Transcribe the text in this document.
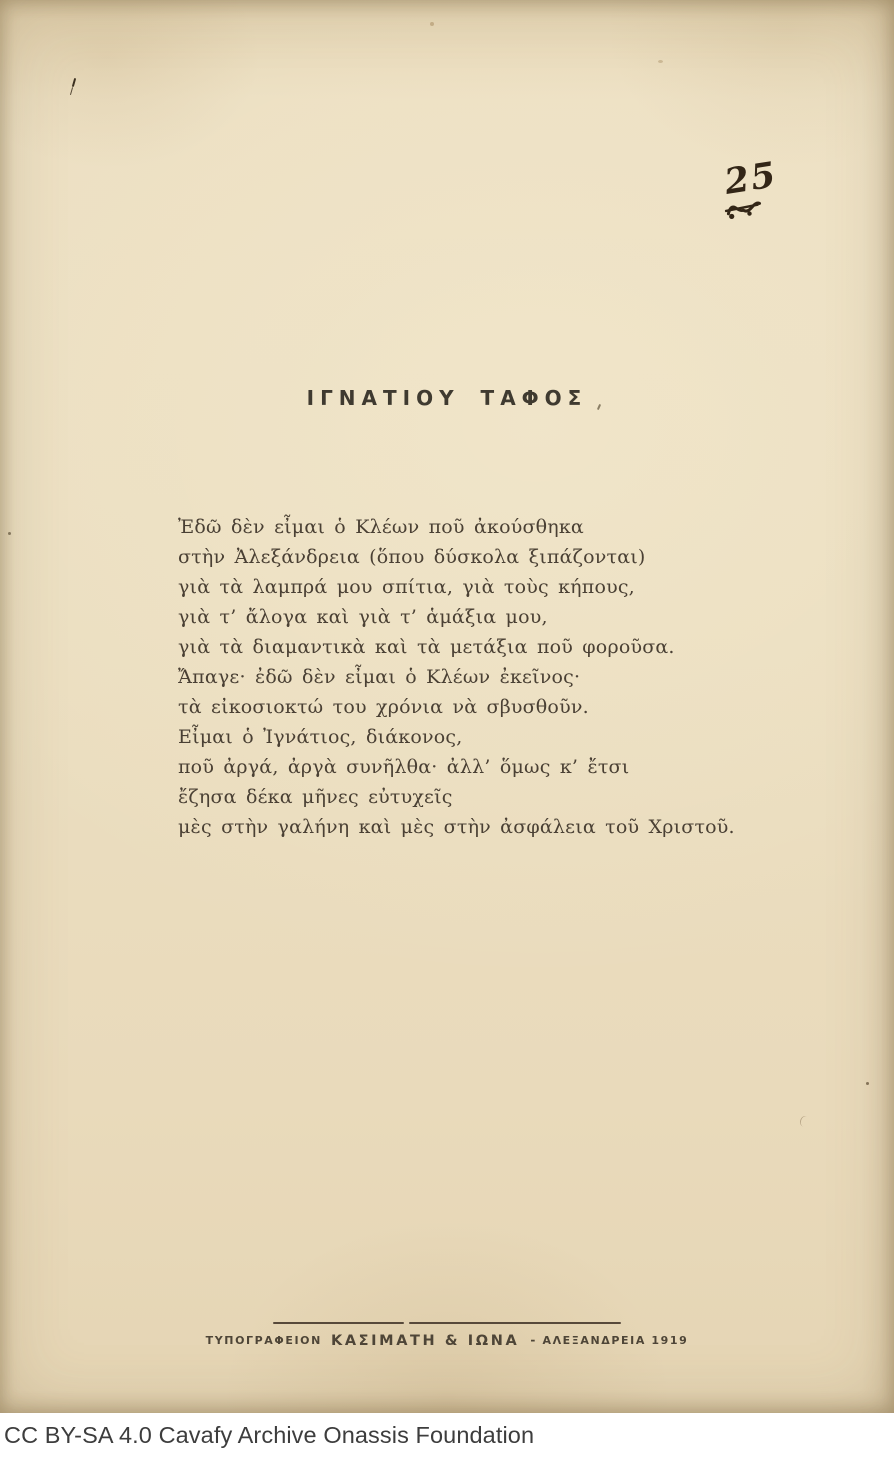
25
ΙΓΝΑΤΙΟΥ ΤΑΦΟΣ
Ἐδῶ δὲν εἶμαι ὁ Κλέων ποῦ ἀκούσθηκα
στὴν Ἀλεξάνδρεια (ὅπου δύσκολα ξιπάζονται)
γιὰ τὰ λαμπρά μου σπίτια, γιὰ τοὺς κήπους,
γιὰ τ’ ἄλογα καὶ γιὰ τ’ ἁμάξια μου,
γιὰ τὰ διαμαντικὰ καὶ τὰ μετάξια ποῦ φοροῦσα.
Ἄπαγε· ἐδῶ δὲν εἶμαι ὁ Κλέων ἐκεῖνος·
τὰ εἰκοσιοκτώ του χρόνια νὰ σβυσθοῦν.
Εἶμαι ὁ Ἰγνάτιος, διάκονος,
ποῦ ἀργά, ἀργὰ συνῆλθα· ἀλλ’ ὅμως κ’ ἔτσι
ἔζησα δέκα μῆνες εὐτυχεῖς
μὲς στὴν γαλήνη καὶ μὲς στὴν ἀσφάλεια τοῦ Χριστοῦ.
ΤΥΠΟΓΡΑΦΕΙΟΝ ΚΑΣΙΜΑΤΗ & ΙΩΝΑ - ΑΛΕΞΑΝΔΡΕΙΑ 1919
CC BY-SA 4.0 Cavafy Archive Onassis Foundation
